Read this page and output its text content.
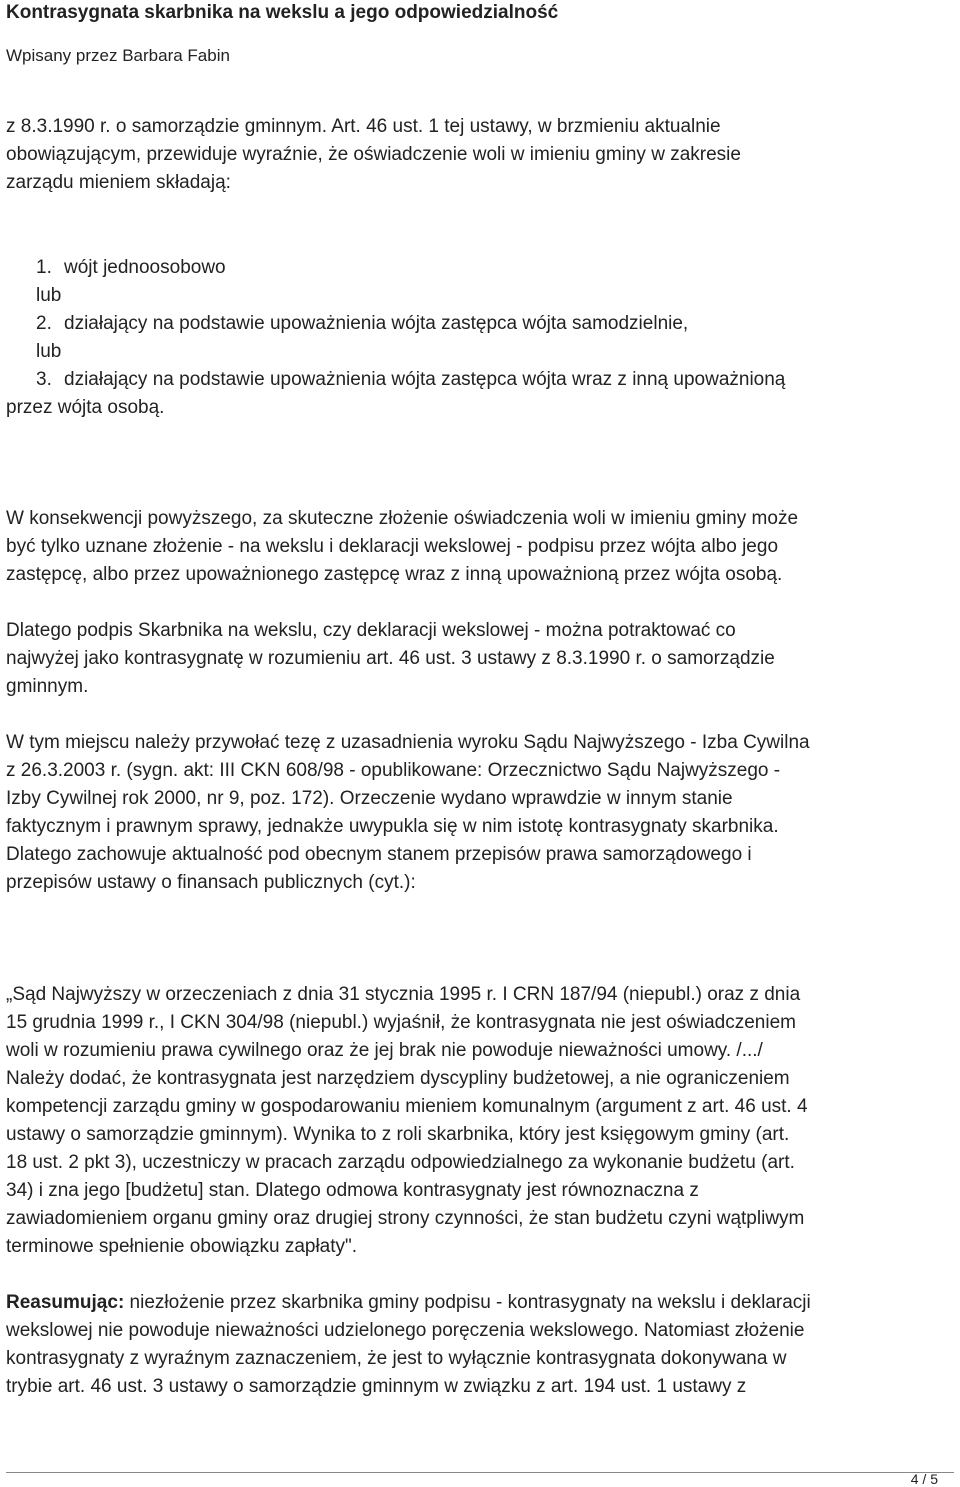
Kontrasygnata skarbnika na wekslu a jego odpowiedzialność
Wpisany przez Barbara Fabin
z 8.3.1990 r. o samorządzie gminnym. Art. 46 ust. 1 tej ustawy, w brzmieniu aktualnie
obowiązującym, przewiduje wyraźnie, że oświadczenie woli w imieniu gminy w zakresie
zarządu mieniem składają:
1. wójt jednoosobowo
lub
2. działający na podstawie upoważnienia wójta zastępca wójta samodzielnie,
lub
3. działający na podstawie upoważnienia wójta zastępca wójta wraz z inną upoważnioną
przez wójta osobą.
W konsekwencji powyższego, za skuteczne złożenie oświadczenia woli w imieniu gminy może
być tylko uznane złożenie - na wekslu i deklaracji wekslowej - podpisu przez wójta albo jego
zastępcę, albo przez upoważnionego zastępcę wraz z inną upoważnioną przez wójta osobą.
Dlatego podpis Skarbnika na wekslu, czy deklaracji wekslowej - można potraktować co
najwyżej jako kontrasygnatę w rozumieniu art. 46 ust. 3 ustawy z 8.3.1990 r. o samorządzie
gminnym.
W tym miejscu należy przywołać tezę z uzasadnienia wyroku Sądu Najwyższego - Izba Cywilna
z 26.3.2003 r. (sygn. akt: III CKN 608/98 - opublikowane: Orzecznictwo Sądu Najwyższego -
Izby Cywilnej rok 2000, nr 9, poz. 172). Orzeczenie wydano wprawdzie w innym stanie
faktycznym i prawnym sprawy, jednakże uwypukla się w nim istotę kontrasygnaty skarbnika.
Dlatego zachowuje aktualność pod obecnym stanem przepisów prawa samorządowego i
przepisów ustawy o finansach publicznych (cyt.):
„Sąd Najwyższy w orzeczeniach z dnia 31 stycznia 1995 r. I CRN 187/94 (niepubl.) oraz z dnia
15 grudnia 1999 r., I CKN 304/98 (niepubl.) wyjaśnił, że kontrasygnata nie jest oświadczeniem
woli w rozumieniu prawa cywilnego oraz że jej brak nie powoduje nieważności umowy. /.../
Należy dodać, że kontrasygnata jest narzędziem dyscypliny budżetowej, a nie ograniczeniem
kompetencji zarządu gminy w gospodarowaniu mieniem komunalnym (argument z art. 46 ust. 4
ustawy o samorządzie gminnym). Wynika to z roli skarbnika, który jest księgowym gminy (art.
18 ust. 2 pkt 3), uczestniczy w pracach zarządu odpowiedzialnego za wykonanie budżetu (art.
34) i zna jego [budżetu] stan. Dlatego odmowa kontrasygnaty jest równoznaczna z
zawiadomieniem organu gminy oraz drugiej strony czynności, że stan budżetu czyni wątpliwym
terminowe spełnienie obowiązku zapłaty".
Reasumując: niezłożenie przez skarbnika gminy podpisu - kontrasygnaty na wekslu i deklaracji
wekslowej nie powoduje nieważności udzielonego poręczenia wekslowego. Natomiast złożenie
kontrasygnaty z wyraźnym zaznaczeniem, że jest to wyłącznie kontrasygnata dokonywana w
trybie art. 46 ust. 3 ustawy o samorządzie gminnym w związku z art. 194 ust. 1 ustawy z
4 / 5
